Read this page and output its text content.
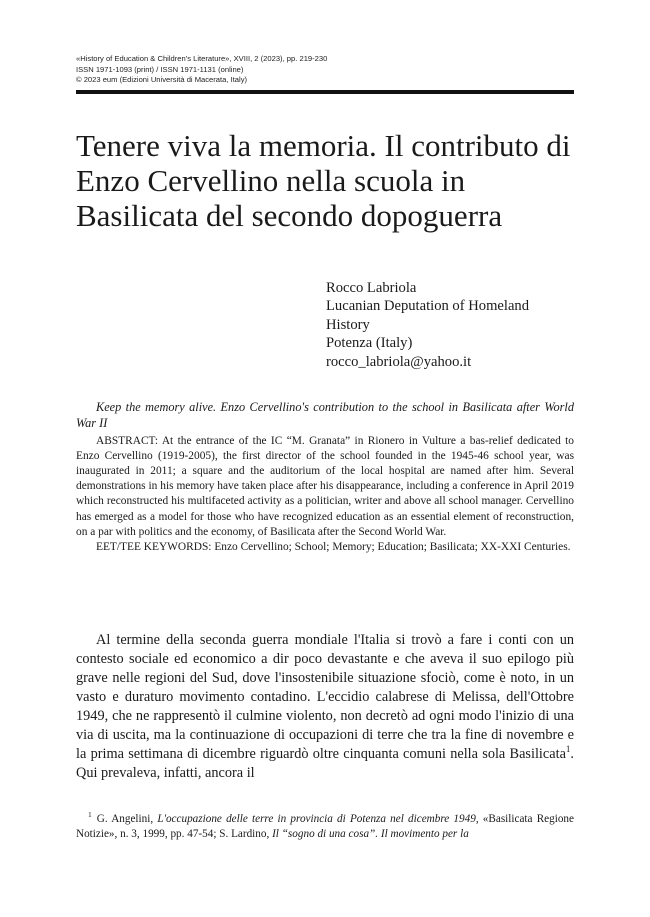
«History of Education & Children's Literature», XVIII, 2 (2023), pp. 219-230
ISSN 1971-1093 (print) / ISSN 1971-1131 (online)
© 2023 eum (Edizioni Università di Macerata, Italy)
Tenere viva la memoria. Il contributo di Enzo Cervellino nella scuola in Basilicata del secondo dopoguerra
Rocco Labriola
Lucanian Deputation of Homeland
History
Potenza (Italy)
rocco_labriola@yahoo.it

Keep the memory alive. Enzo Cervellino's contribution to the school in Basilicata after World War II

ABSTRACT: At the entrance of the IC “M. Granata” in Rionero in Vulture a bas-relief dedicated to Enzo Cervellino (1919-2005), the first director of the school founded in the 1945-46 school year, was inaugurated in 2011; a square and the auditorium of the local hospital are named after him. Several demonstrations in his memory have taken place after his disappearance, including a conference in April 2019 which reconstructed his multifaceted activity as a politician, writer and above all school manager. Cervellino has emerged as a model for those who have recognized education as an essential element of reconstruction, on a par with politics and the economy, of Basilicata after the Second World War.

EET/TEE KEYWORDS: Enzo Cervellino; School; Memory; Education; Basilicata; XX-XXI Centuries.

Al termine della seconda guerra mondiale l'Italia si trovò a fare i conti con un contesto sociale ed economico a dir poco devastante e che aveva il suo epilogo più grave nelle regioni del Sud, dove l'insostenibile situazione sfociò, come è noto, in un vasto e duraturo movimento contadino. L'eccidio calabrese di Melissa, dell'Ottobre 1949, che ne rappresentò il culmine violento, non decretò ad ogni modo l'inizio di una via di uscita, ma la continuazione di occupazioni di terre che tra la fine di novembre e la prima settimana di dicembre riguardò oltre cinquanta comuni nella sola Basilicata$^1$. Qui prevaleva, infatti, ancora il

$^1$ G. Angelini, L'occupazione delle terre in provincia di Potenza nel dicembre 1949, «Basilicata Regione Notizie», n. 3, 1999, pp. 47-54; S. Lardino, Il “sogno di una cosa”. Il movimento per la
